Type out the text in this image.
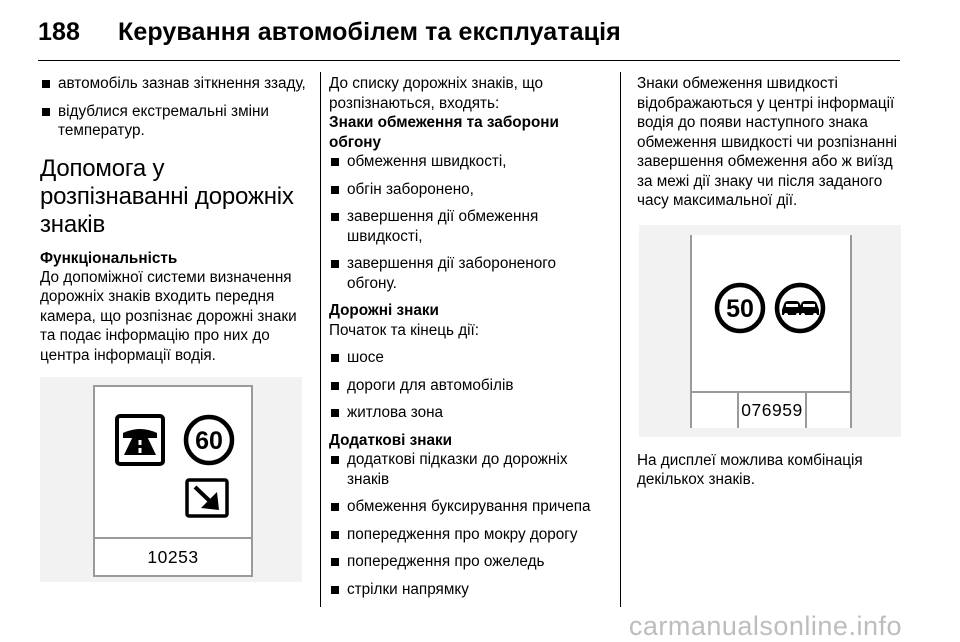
188 Керування автомобілем та експлуатація
автомобіль зазнав зіткнення ззаду,
відублися екстремальні зміни температур.
Допомога у розпізнаванні дорожніх знаків
Функціональність

До допоміжної системи визначення дорожніх знаків входить передня камера, що розпізнає дорожні знаки та подає інформацію про них до центра інформації водія.

60
10253

До списку дорожніх знаків, що розпізнаються, входять:

Знаки обмеження та заборони обгону

обмеження швидкості,
обгін заборонено,
завершення дії обмеження швидкості,
завершення дії забороненого обгону.

Дорожні знаки

Початок та кінець дії:

шосе
дороги для автомобілів
житлова зона

Додаткові знаки

додаткові підказки до дорожніх знаків
обмеження буксирування причепа
попередження про мокру дорогу
попередження про ожеледь
стрілки напрямку

Знаки обмеження швидкості відображаються у центрі інформації водія до появи наступного знака обмеження швидкості чи розпізнанні завершення обмеження або ж виїзд за межі дії знаку чи після заданого часу максимальної дії.

50
076959

На дисплеї можлива комбінація декількох знаків.

carmanualsonline.info
